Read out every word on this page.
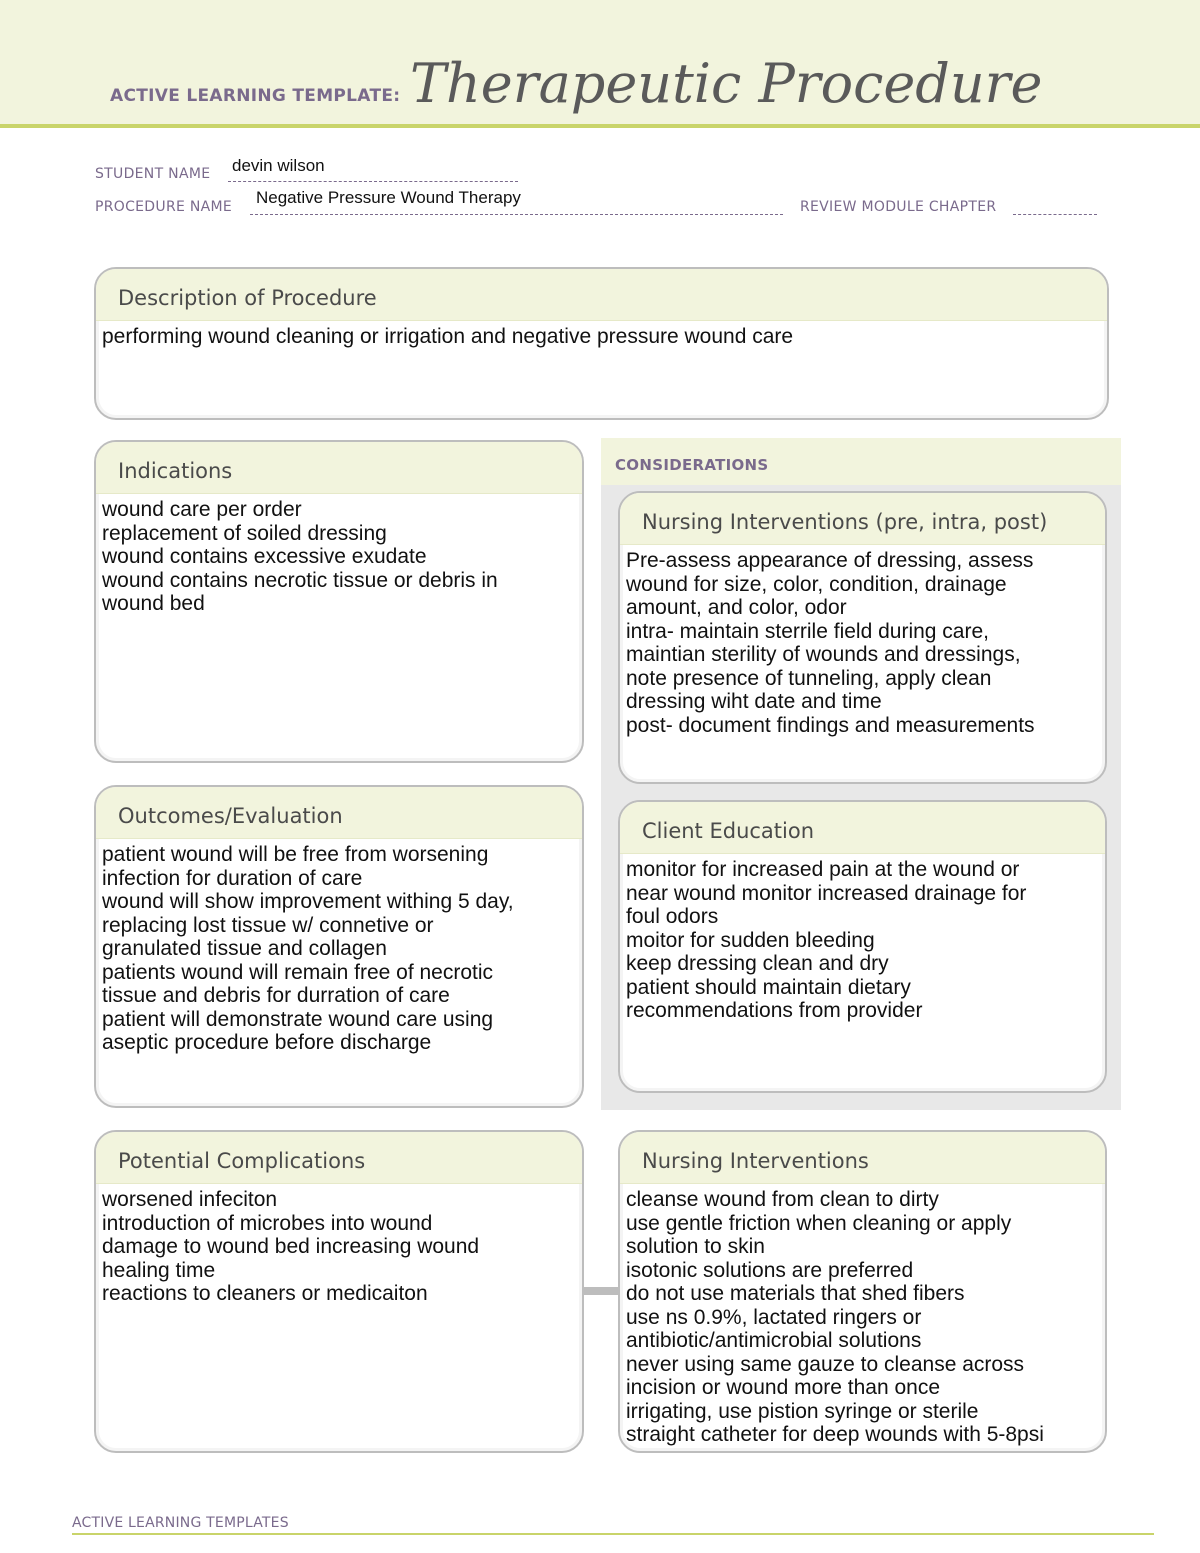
ACTIVE LEARNING TEMPLATE: Therapeutic Procedure
STUDENT NAME devin wilson
PROCEDURE NAME Negative Pressure Wound Therapy	REVIEW MODULE CHAPTER
Description of Procedure
performing wound cleaning or irrigation and negative pressure wound care
Indications
wound care per order
replacement of soiled dressing
wound contains excessive exudate
wound contains necrotic tissue or debris in
wound bed
CONSIDERATIONS
Nursing Interventions (pre, intra, post)
Pre-assess appearance of dressing, assess
wound for size, color, condition, drainage
amount, and color, odor
intra- maintain sterrile field during care,
maintian sterility of wounds and dressings,
note presence of tunneling, apply clean
dressing wiht date and time
post- document findings and measurements
Outcomes/Evaluation
patient wound will be free from worsening
infection for duration of care
wound will show improvement withing 5 day,
replacing lost tissue w/ connetive or
granulated tissue and collagen
patients wound will remain free of necrotic
tissue and debris for durration of care
patient will demonstrate wound care using
aseptic procedure before discharge
Client Education
monitor for increased pain at the wound or
near wound monitor increased drainage for
foul odors
moitor for sudden bleeding
keep dressing clean and dry
patient should maintain dietary
recommendations from provider
Potential Complications
worsened infeciton
introduction of microbes into wound
damage to wound bed increasing wound
healing time
reactions to cleaners or medicaiton
Nursing Interventions
cleanse wound from clean to dirty
use gentle friction when cleaning or apply
solution to skin
isotonic solutions are preferred
do not use materials that shed fibers
use ns 0.9%, lactated ringers or
antibiotic/antimicrobial solutions
never using same gauze to cleanse across
incision or wound more than once
irrigating, use pistion syringe or sterile
straight catheter for deep wounds with 5-8psi
ACTIVE LEARNING TEMPLATES
